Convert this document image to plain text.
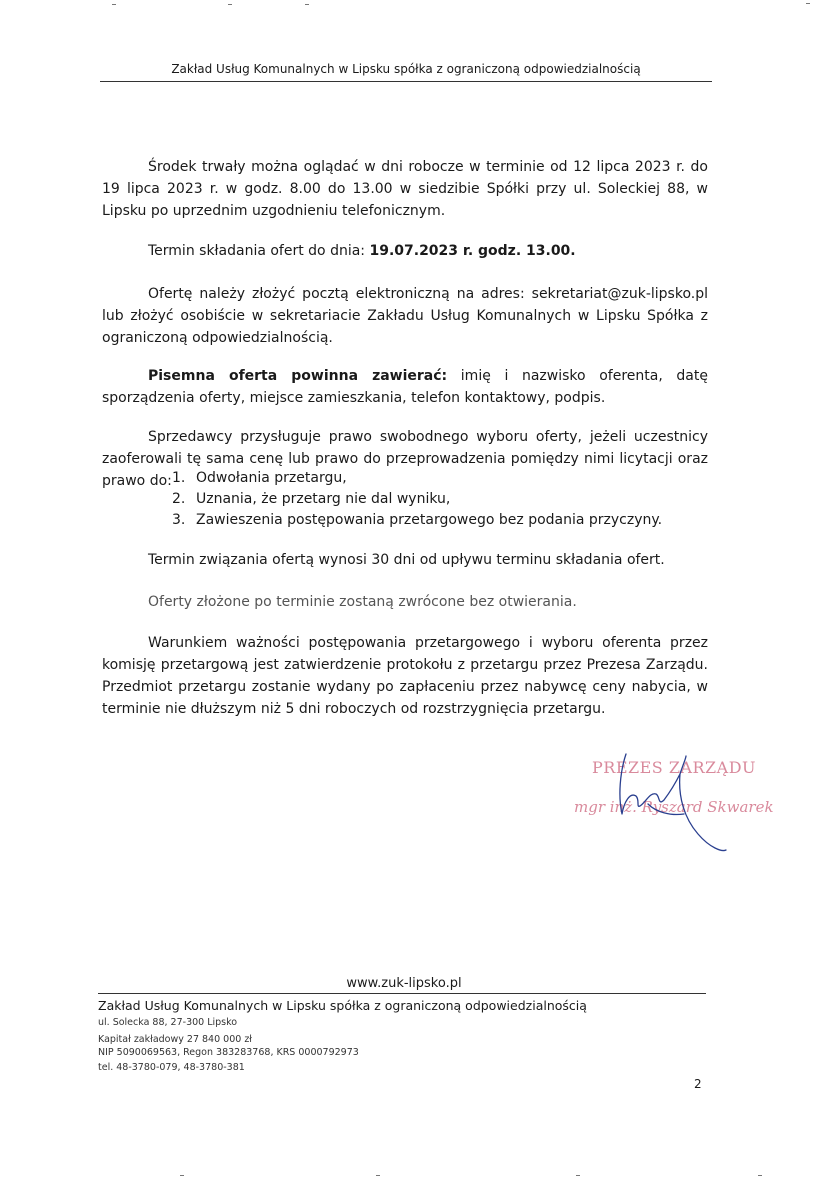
Zakład Usług Komunalnych w Lipsku spółka z ograniczoną odpowiedzialnością

Środek trwały można oglądać w dni robocze w terminie od 12 lipca 2023 r. do 19 lipca 2023 r. w godz. 8.00 do 13.00 w siedzibie Spółki przy ul. Soleckiej 88, w Lipsku po uprzednim uzgodnieniu telefonicznym.

Termin składania ofert do dnia: 19.07.2023 r. godz. 13.00.

Ofertę należy złożyć pocztą elektroniczną na adres: sekretariat@zuk-lipsko.pl lub złożyć osobiście w sekretariacie Zakładu Usług Komunalnych w Lipsku Spółka z ograniczoną odpowiedzialnością.

Pisemna oferta powinna zawierać: imię i nazwisko oferenta, datę sporządzenia oferty, miejsce zamieszkania, telefon kontaktowy, podpis.

Sprzedawcy przysługuje prawo swobodnego wyboru oferty, jeżeli uczestnicy zaoferowali tę sama cenę lub prawo do przeprowadzenia pomiędzy nimi licytacji oraz prawo do: 1. Odwołania przetargu,
2. Uznania, że przetarg nie dal wyniku,
3. Zawieszenia postępowania przetargowego bez podania przyczyny.

Termin związania ofertą wynosi 30 dni od upływu terminu składania ofert.

Oferty złożone po terminie zostaną zwrócone bez otwierania.

Warunkiem ważności postępowania przetargowego i wyboru oferenta przez komisję przetargową jest zatwierdzenie protokołu z przetargu przez Prezesa Zarządu. Przedmiot przetargu zostanie wydany po zapłaceniu przez nabywcę ceny nabycia, w terminie nie dłuższym niż 5 dni roboczych od rozstrzygnięcia przetargu.

PREZES ZARZĄDU
mgr inż. Ryszard Skwarek
www.zuk-lipsko.pl
Zakład Usług Komunalnych w Lipsku spółka z ograniczoną odpowiedzialnością
ul. Solecka 88, 27-300 Lipsko
Kapitał zakładowy 27 840 000 zł
NIP 5090069563, Regon 383283768, KRS 0000792973
tel. 48-3780-079, 48-3780-381
2
